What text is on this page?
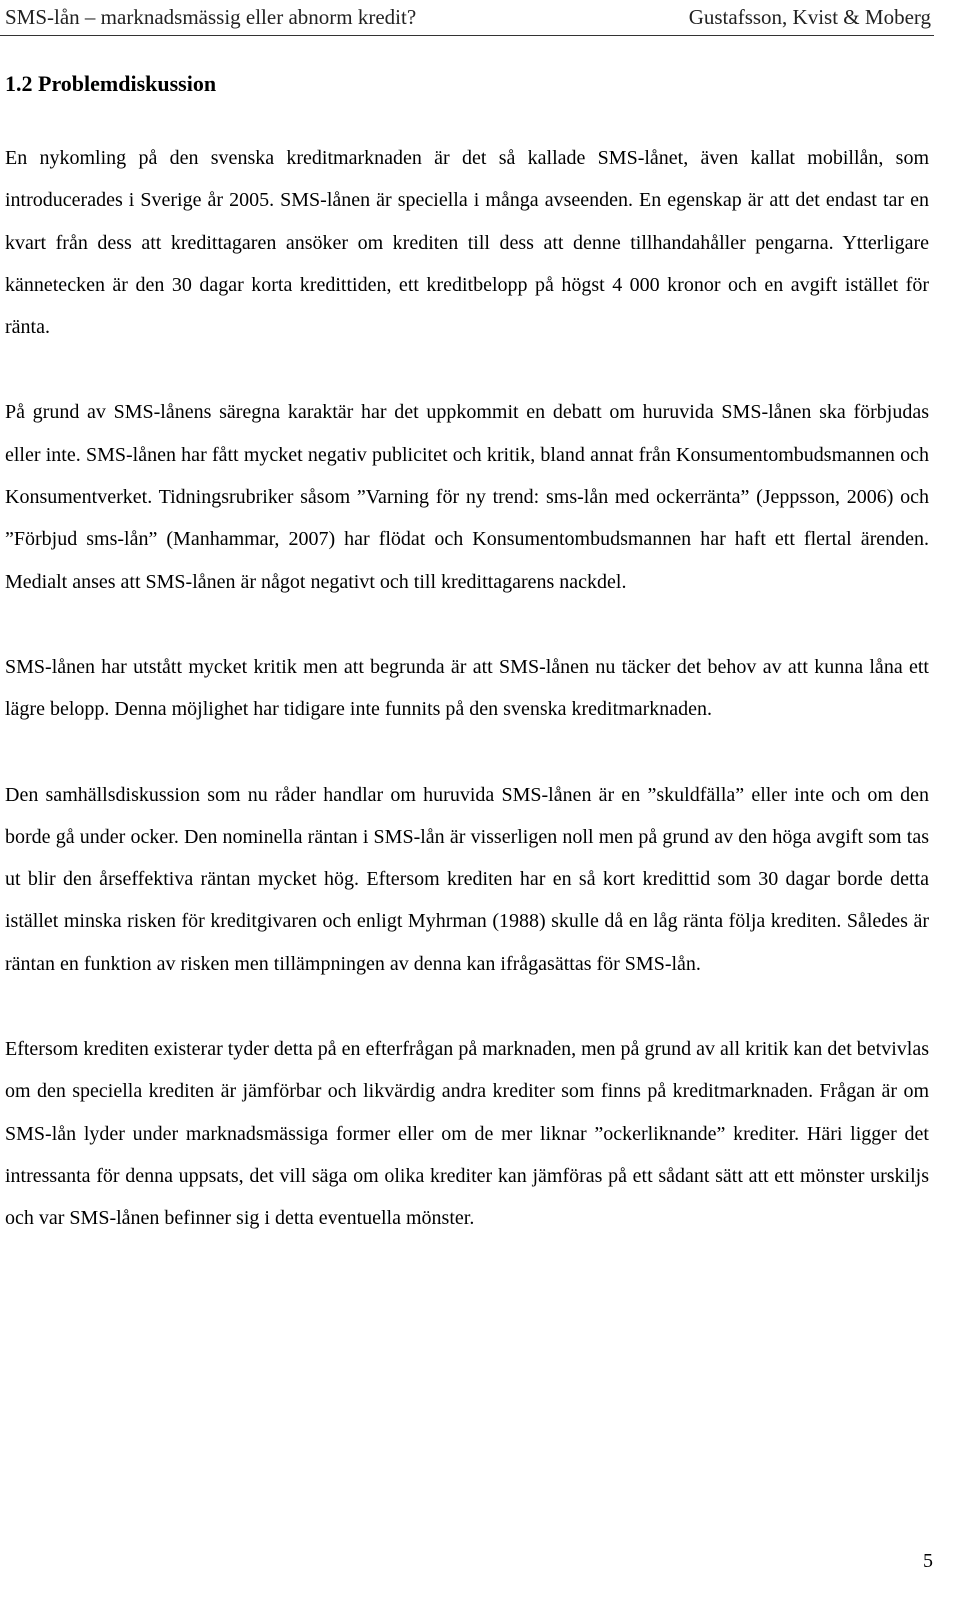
SMS-lån – marknadsmässig eller abnorm kredit?	Gustafsson, Kvist & Moberg
1.2 Problemdiskussion

En nykomling på den svenska kreditmarknaden är det så kallade SMS-lånet, även kallat mobillån, som introducerades i Sverige år 2005. SMS-lånen är speciella i många avseenden. En egenskap är att det endast tar en kvart från dess att kredittagaren ansöker om krediten till dess att denne tillhandahåller pengarna. Ytterligare kännetecken är den 30 dagar korta kredittiden, ett kreditbelopp på högst 4 000 kronor och en avgift istället för ränta.

På grund av SMS-lånens säregna karaktär har det uppkommit en debatt om huruvida SMS-lånen ska förbjudas eller inte. SMS-lånen har fått mycket negativ publicitet och kritik, bland annat från Konsumentombudsmannen och Konsumentverket. Tidningsrubriker såsom ”Varning för ny trend: sms-lån med ockerränta” (Jeppsson, 2006) och ”Förbjud sms-lån” (Manhammar, 2007) har flödat och Konsumentombudsmannen har haft ett flertal ärenden. Medialt anses att SMS-lånen är något negativt och till kredittagarens nackdel.

SMS-lånen har utstått mycket kritik men att begrunda är att SMS-lånen nu täcker det behov av att kunna låna ett lägre belopp. Denna möjlighet har tidigare inte funnits på den svenska kreditmarknaden.

Den samhällsdiskussion som nu råder handlar om huruvida SMS-lånen är en ”skuldfälla” eller inte och om den borde gå under ocker. Den nominella räntan i SMS-lån är visserligen noll men på grund av den höga avgift som tas ut blir den årseffektiva räntan mycket hög. Eftersom krediten har en så kort kredittid som 30 dagar borde detta istället minska risken för kreditgivaren och enligt Myhrman (1988) skulle då en låg ränta följa krediten. Således är räntan en funktion av risken men tillämpningen av denna kan ifrågasättas för SMS-lån.

Eftersom krediten existerar tyder detta på en efterfrågan på marknaden, men på grund av all kritik kan det betvivlas om den speciella krediten är jämförbar och likvärdig andra krediter som finns på kreditmarknaden. Frågan är om SMS-lån lyder under marknadsmässiga former eller om de mer liknar ”ockerliknande” krediter. Häri ligger det intressanta för denna uppsats, det vill säga om olika krediter kan jämföras på ett sådant sätt att ett mönster urskiljs och var SMS-lånen befinner sig i detta eventuella mönster.

5
